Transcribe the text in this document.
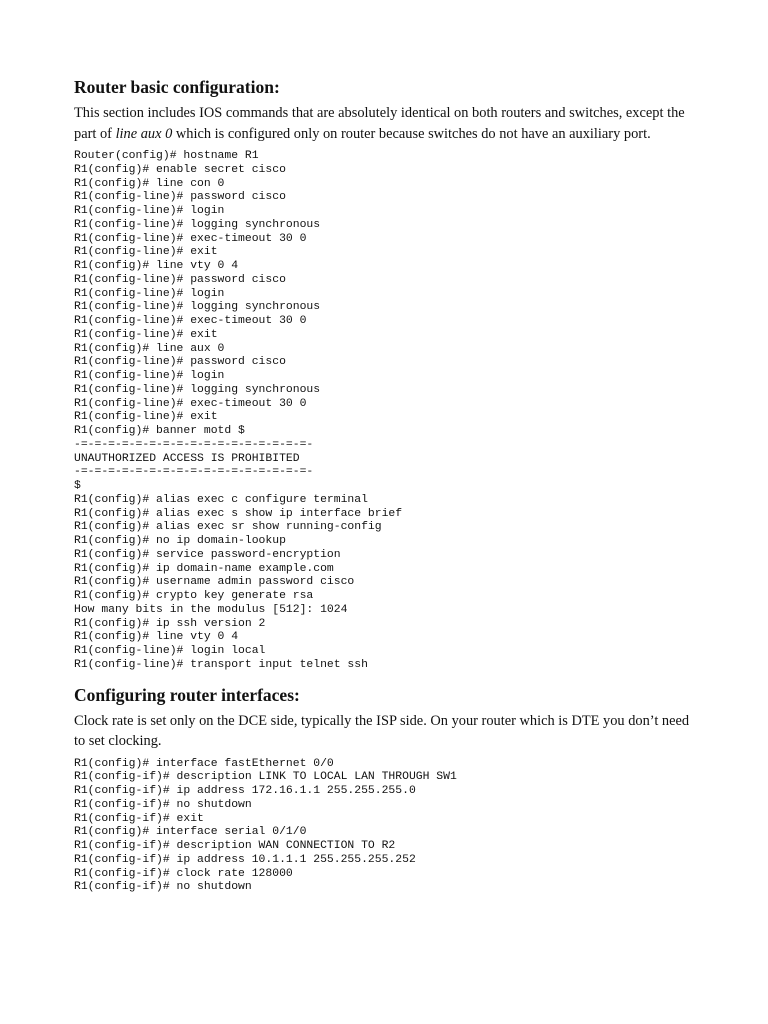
Router basic configuration:

This section includes IOS commands that are absolutely identical on both routers and switches, except the part of line aux 0 which is configured only on router because switches do not have an auxiliary port.

Router(config)# hostname R1
R1(config)# enable secret cisco
R1(config)# line con 0
R1(config-line)# password cisco
R1(config-line)# login
R1(config-line)# logging synchronous
R1(config-line)# exec-timeout 30 0
R1(config-line)# exit
R1(config)# line vty 0 4
R1(config-line)# password cisco
R1(config-line)# login
R1(config-line)# logging synchronous
R1(config-line)# exec-timeout 30 0
R1(config-line)# exit
R1(config)# line aux 0
R1(config-line)# password cisco
R1(config-line)# login
R1(config-line)# logging synchronous
R1(config-line)# exec-timeout 30 0
R1(config-line)# exit
R1(config)# banner motd $
-=-=-=-=-=-=-=-=-=-=-=-=-=-=-=-=-=-
UNAUTHORIZED ACCESS IS PROHIBITED
-=-=-=-=-=-=-=-=-=-=-=-=-=-=-=-=-=-
$
R1(config)# alias exec c configure terminal
R1(config)# alias exec s show ip interface brief
R1(config)# alias exec sr show running-config
R1(config)# no ip domain-lookup
R1(config)# service password-encryption
R1(config)# ip domain-name example.com
R1(config)# username admin password cisco
R1(config)# crypto key generate rsa
How many bits in the modulus [512]: 1024
R1(config)# ip ssh version 2
R1(config)# line vty 0 4
R1(config-line)# login local
R1(config-line)# transport input telnet ssh
Configuring router interfaces:

Clock rate is set only on the DCE side, typically the ISP side. On your router which is DTE you don’t need to set clocking.

R1(config)# interface fastEthernet 0/0
R1(config-if)# description LINK TO LOCAL LAN THROUGH SW1
R1(config-if)# ip address 172.16.1.1 255.255.255.0
R1(config-if)# no shutdown
R1(config-if)# exit
R1(config)# interface serial 0/1/0
R1(config-if)# description WAN CONNECTION TO R2
R1(config-if)# ip address 10.1.1.1 255.255.255.252
R1(config-if)# clock rate 128000
R1(config-if)# no shutdown
